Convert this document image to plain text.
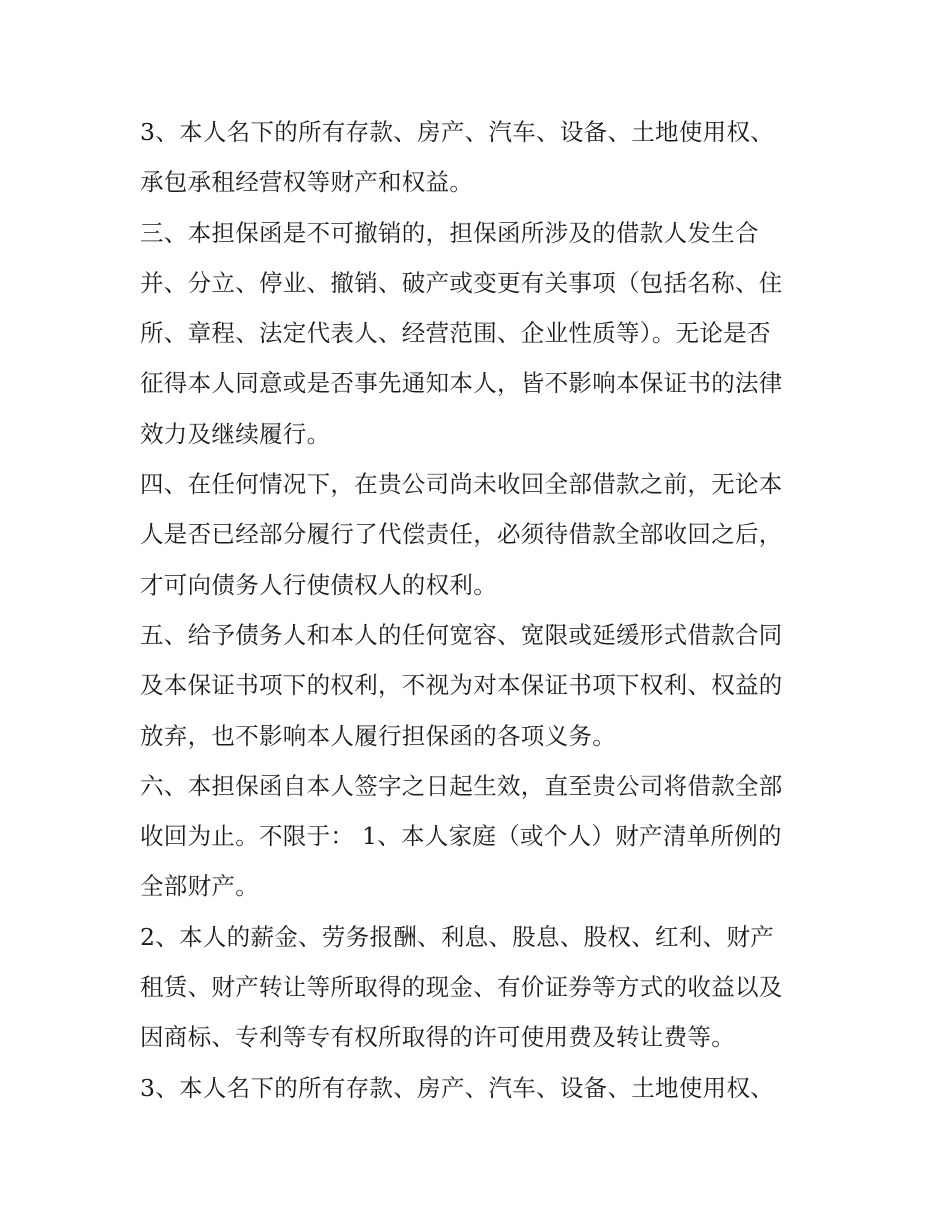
3、本人名下的所有存款、房产、汽车、设备、土地使用权、
承包承租经营权等财产和权益。
三、本担保函是不可撤销的，担保函所涉及的借款人发生合
并、分立、停业、撤销、破产或变更有关事项（包括名称、住
所、章程、法定代表人、经营范围、企业性质等）。无论是否
征得本人同意或是否事先通知本人，皆不影响本保证书的法律
效力及继续履行。
四、在任何情况下，在贵公司尚未收回全部借款之前，无论本
人是否已经部分履行了代偿责任，必须待借款全部收回之后，
才可向债务人行使债权人的权利。
五、给予债务人和本人的任何宽容、宽限或延缓形式借款合同
及本保证书项下的权利，不视为对本保证书项下权利、权益的
放弃，也不影响本人履行担保函的各项义务。
六、本担保函自本人签字之日起生效，直至贵公司将借款全部
收回为止。不限于： 1、本人家庭（或个人）财产清单所例的
全部财产。
2、本人的薪金、劳务报酬、利息、股息、股权、红利、财产
租赁、财产转让等所取得的现金、有价证券等方式的收益以及
因商标、专利等专有权所取得的许可使用费及转让费等。
3、本人名下的所有存款、房产、汽车、设备、土地使用权、
